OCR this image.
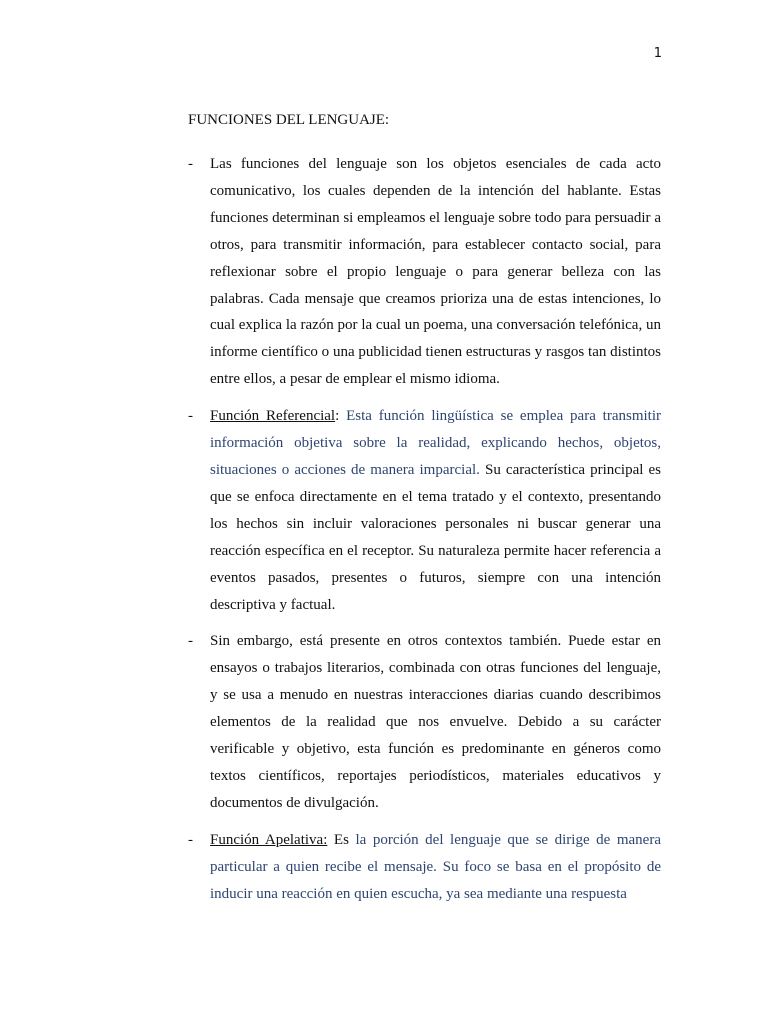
1
FUNCIONES DEL LENGUAJE:
- Las funciones del lenguaje son los objetos esenciales de cada acto comunicativo, los cuales dependen de la intención del hablante. Estas funciones determinan si empleamos el lenguaje sobre todo para persuadir a otros, para transmitir información, para establecer contacto social, para reflexionar sobre el propio lenguaje o para generar belleza con las palabras. Cada mensaje que creamos prioriza una de estas intenciones, lo cual explica la razón por la cual un poema, una conversación telefónica, un informe científico o una publicidad tienen estructuras y rasgos tan distintos entre ellos, a pesar de emplear el mismo idioma.
- Función Referencial: Esta función lingüística se emplea para transmitir información objetiva sobre la realidad, explicando hechos, objetos, situaciones o acciones de manera imparcial. Su característica principal es que se enfoca directamente en el tema tratado y el contexto, presentando los hechos sin incluir valoraciones personales ni buscar generar una reacción específica en el receptor. Su naturaleza permite hacer referencia a eventos pasados, presentes o futuros, siempre con una intención descriptiva y factual.
- Sin embargo, está presente en otros contextos también. Puede estar en ensayos o trabajos literarios, combinada con otras funciones del lenguaje, y se usa a menudo en nuestras interacciones diarias cuando describimos elementos de la realidad que nos envuelve. Debido a su carácter verificable y objetivo, esta función es predominante en géneros como textos científicos, reportajes periodísticos, materiales educativos y documentos de divulgación.
- Función Apelativa: Es la porción del lenguaje que se dirige de manera particular a quien recibe el mensaje. Su foco se basa en el propósito de inducir una reacción en quien escucha, ya sea mediante una respuesta
